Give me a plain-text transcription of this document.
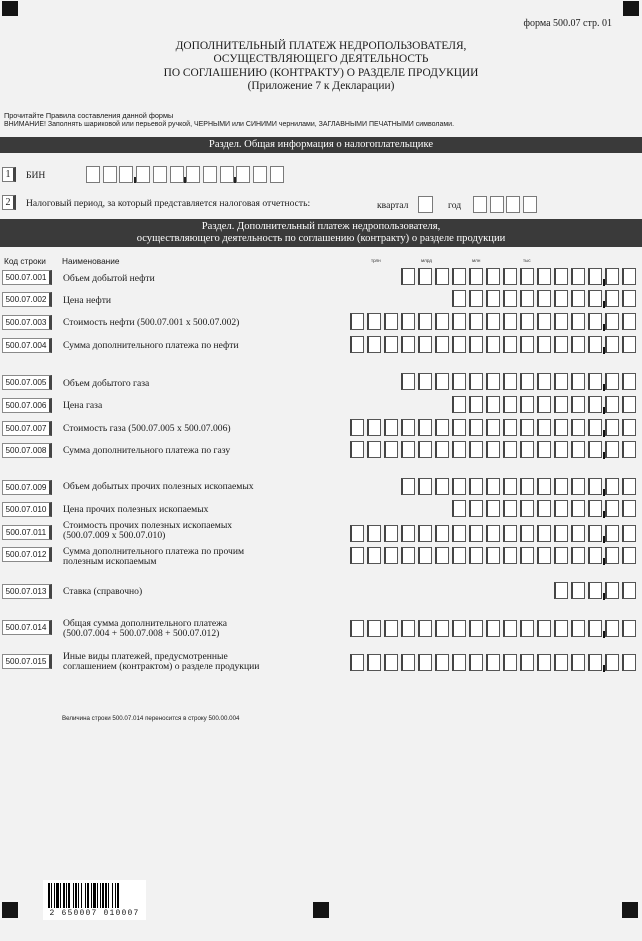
форма 500.07 стр. 01
ДОПОЛНИТЕЛЬНЫЙ ПЛАТЕЖ НЕДРОПОЛЬЗОВАТЕЛЯ,
ОСУЩЕСТВЛЯЮЩЕГО ДЕЯТЕЛЬНОСТЬ
ПО СОГЛАШЕНИЮ (КОНТРАКТУ) О РАЗДЕЛЕ ПРОДУКЦИИ
(Приложение 7 к Декларации)
Прочитайте Правила составления данной формы
ВНИМАНИЕ! Заполнять шариковой или перьевой ручкой, ЧЕРНЫМИ или СИНИМИ чернилами, ЗАГЛАВНЫМИ ПЕЧАТНЫМИ символами.
Раздел. Общая информация о налогоплательщике
1	БИН
2	Налоговый период, за который представляется налоговая отчетность:	квартал	год
Раздел. Дополнительный платеж недропользователя,
осуществляющего деятельность по соглашению (контракту) о разделе продукции
Код строки Наименование	трлн	млрд	млн	тыс
500.07.001	Объем добытой нефти
500.07.002	Цена нефти
500.07.003	Стоимость нефти (500.07.001 x 500.07.002)
500.07.004	Сумма дополнительного платежа по нефти
500.07.005	Объем добытого газа
500.07.006	Цена газа
500.07.007	Стоимость газа (500.07.005 x 500.07.006)
500.07.008	Сумма дополнительного платежа по газу
500.07.009	Объем добытых прочих полезных ископаемых
500.07.010	Цена прочих полезных ископаемых
500.07.011
Стоимость прочих полезных ископаемых
(500.07.009 x 500.07.010)
500.07.012	Сумма дополнительного платежа по прочим
полезным ископаемым
500.07.013	Ставка (справочно)
500.07.014	Общая сумма дополнительного платежа
(500.07.004 + 500.07.008 + 500.07.012)
500.07.015	Иные виды платежей, предусмотренные
соглашением (контрактом) о разделе продукции
Величина строки 500.07.014 переносится в строку 500.00.004
2 650007 010007
